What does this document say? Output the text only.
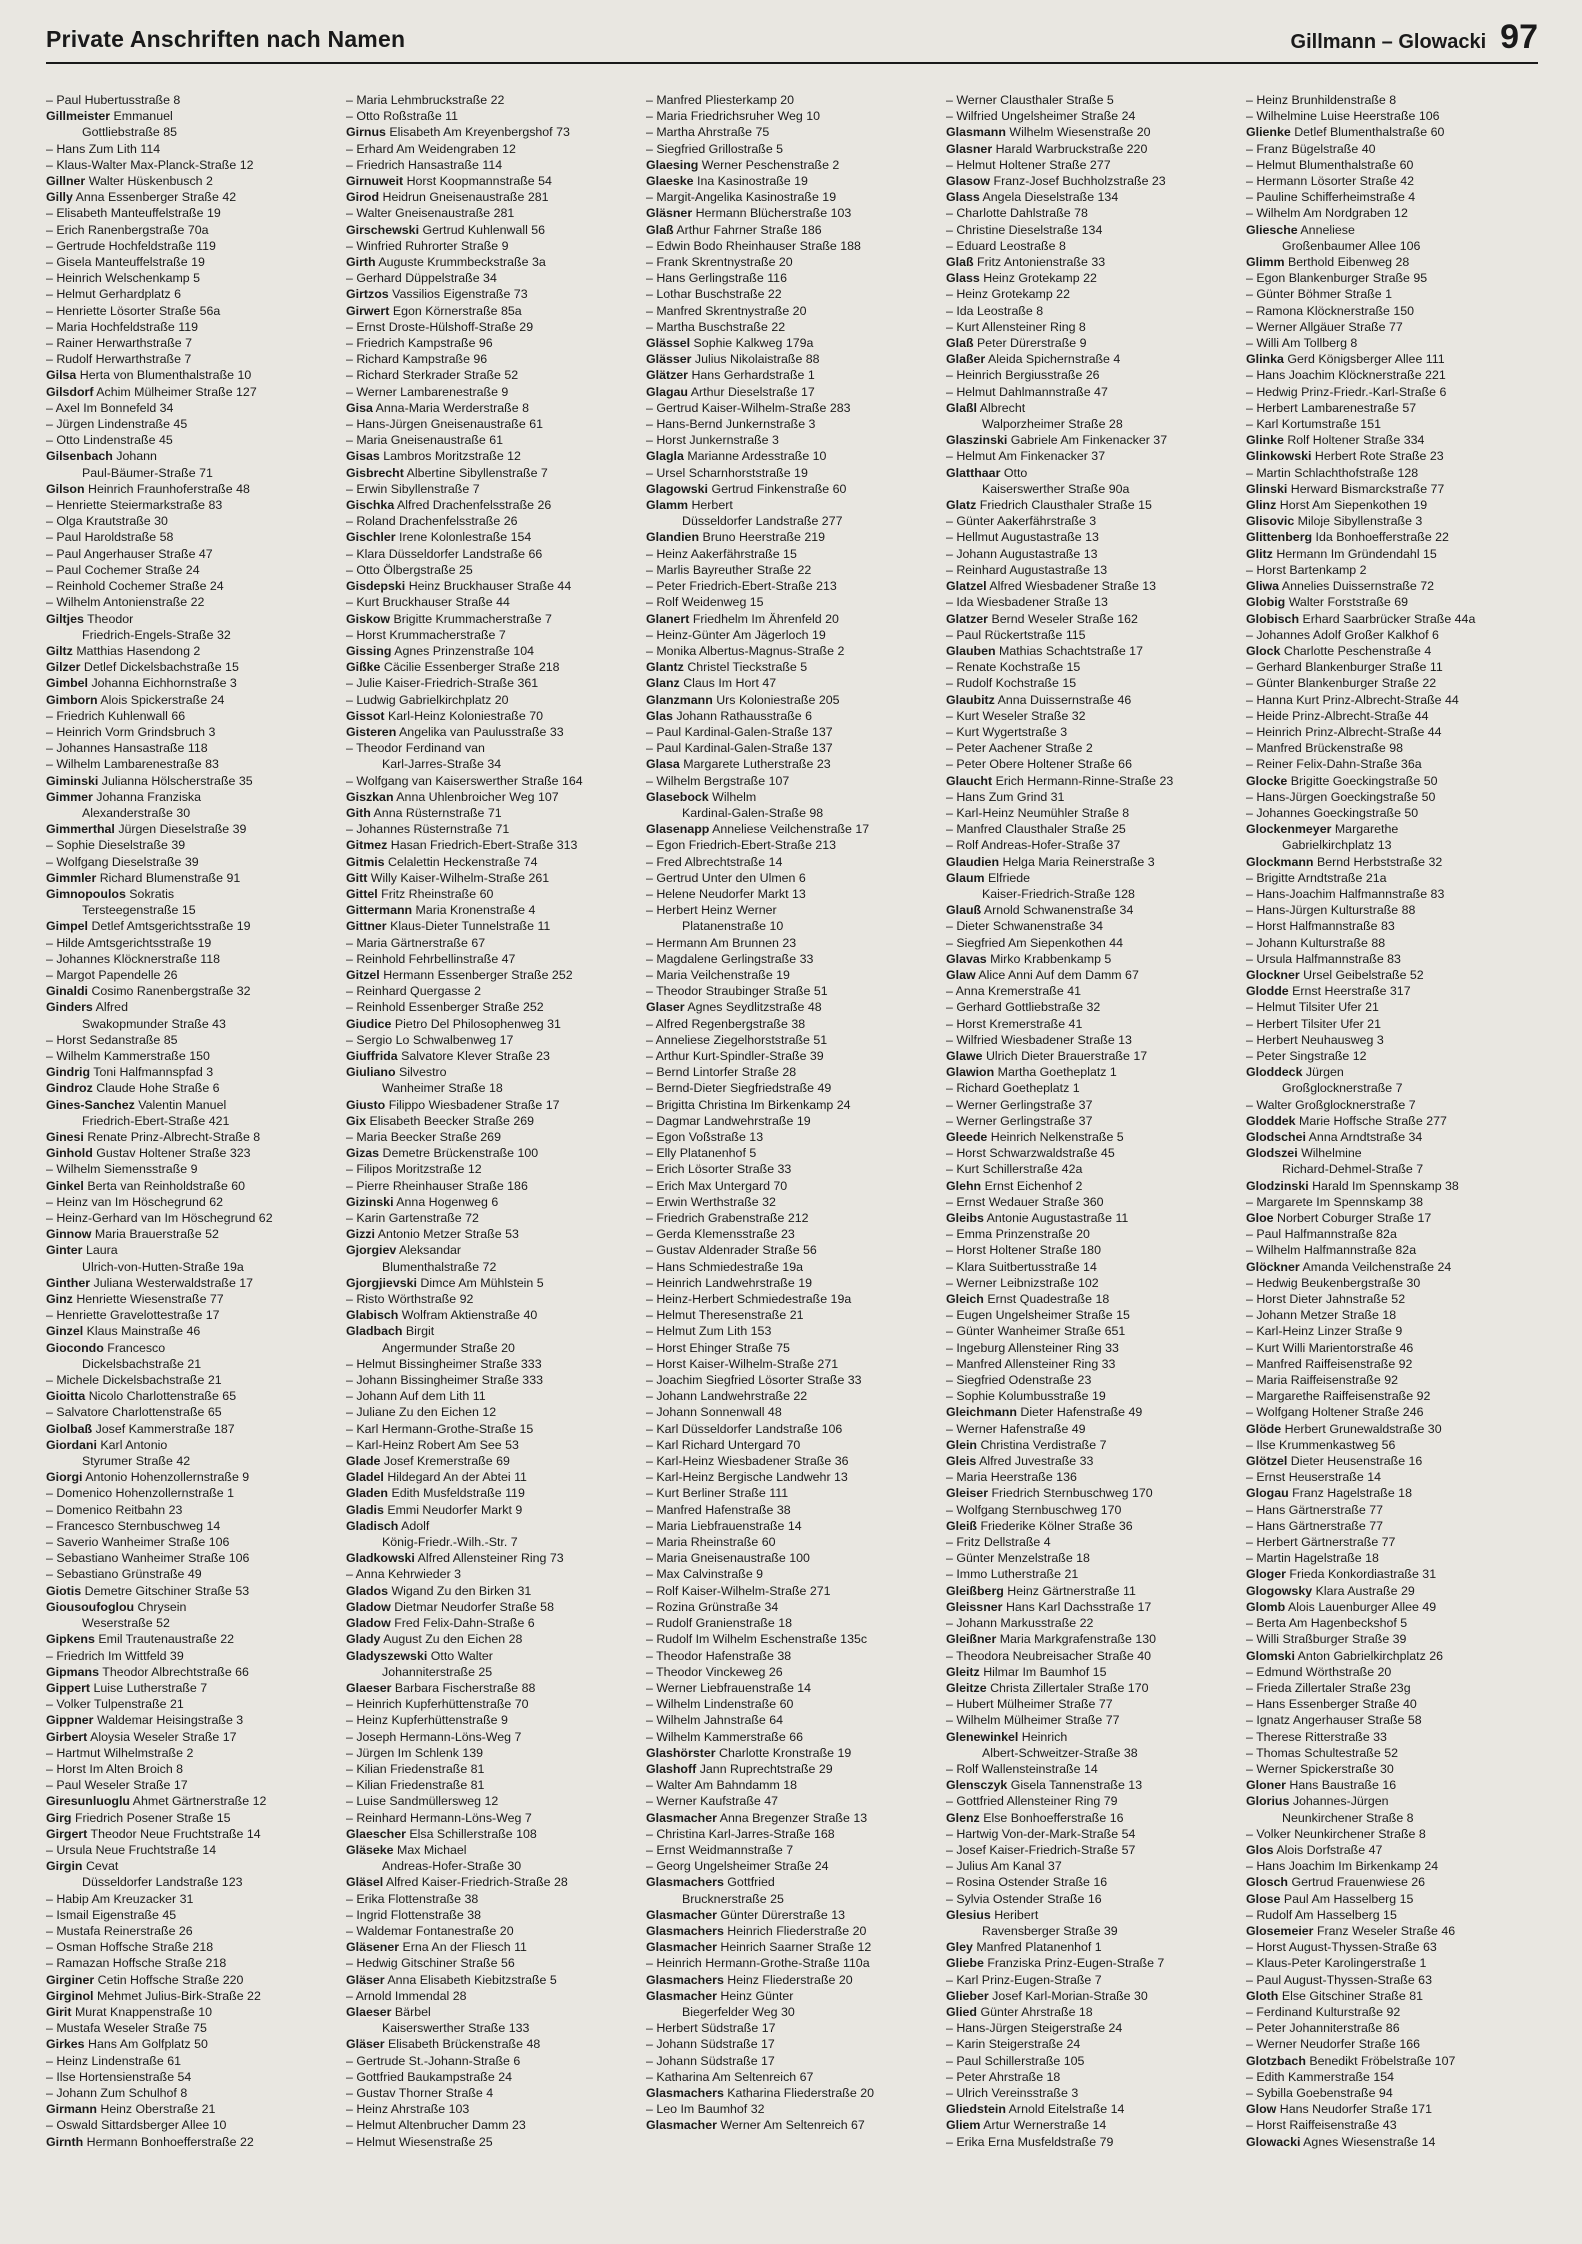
Private Anschriften nach Namen	Gillmann – Glowacki 97
– Paul Hubertusstraße 8
Gillmeister Emmanuel
Gottliebstraße 85
– Hans Zum Lith 114
– Klaus-Walter Max-Planck-Straße 12
Gillner Walter Hüskenbusch 2
Gilly Anna Essenberger Straße 42
– Elisabeth Manteuffelstraße 19
– Erich Ranenbergstraße 70a
– Gertrude Hochfeldstraße 119
– Gisela Manteuffelstraße 19
– Heinrich Welschenkamp 5
– Helmut Gerhardplatz 6
– Henriette Lösorter Straße 56a
– Maria Hochfeldstraße 119
– Rainer Herwarthstraße 7
– Rudolf Herwarthstraße 7
Gilsa Herta von Blumenthalstraße 10
Gilsdorf Achim Mülheimer Straße 127
– Axel Im Bonnefeld 34
– Jürgen Lindenstraße 45
– Otto Lindenstraße 45
Gilsenbach Johann
Paul-Bäumer-Straße 71
Gilson Heinrich Fraunhoferstraße 48
– Henriette Steiermarkstraße 83
– Olga Krautstraße 30
– Paul Haroldstraße 58
– Paul Angerhauser Straße 47
– Paul Cochemer Straße 24
– Reinhold Cochemer Straße 24
– Wilhelm Antonienstraße 22
Giltjes Theodor
Friedrich-Engels-Straße 32
Giltz Matthias Hasendong 2
Gilzer Detlef Dickelsbachstraße 15
Gimbel Johanna Eichhornstraße 3
Gimborn Alois Spickerstraße 24
– Friedrich Kuhlenwall 66
– Heinrich Vorm Grindsbruch 3
– Johannes Hansastraße 118
– Wilhelm Lambarenestraße 83
Giminski Julianna Hölscherstraße 35
Gimmer Johanna Franziska
Alexanderstraße 30
Gimmerthal Jürgen Dieselstraße 39
– Sophie Dieselstraße 39
– Wolfgang Dieselstraße 39
Gimmler Richard Blumenstraße 91
Gimnopoulos Sokratis
Tersteegenstraße 15
Gimpel Detlef Amtsgerichtsstraße 19
– Hilde Amtsgerichtsstraße 19
– Johannes Klöcknerstraße 118
– Margot Papendelle 26
Ginaldi Cosimo Ranenbergstraße 32
Ginders Alfred
Swakopmunder Straße 43
– Horst Sedanstraße 85
– Wilhelm Kammerstraße 150
Gindrig Toni Halfmannspfad 3
Gindroz Claude Hohe Straße 6
Gines-Sanchez Valentin Manuel
Friedrich-Ebert-Straße 421
Ginesi Renate Prinz-Albrecht-Straße 8
Ginhold Gustav Holtener Straße 323
– Wilhelm Siemensstraße 9
Ginkel Berta van Reinholdstraße 60
– Heinz van Im Höschegrund 62
– Heinz-Gerhard van Im Höschegrund 62
Ginnow Maria Brauerstraße 52
Ginter Laura
Ulrich-von-Hutten-Straße 19a
Ginther Juliana Westerwaldstraße 17
Ginz Henriette Wiesenstraße 77
– Henriette Gravelottestraße 17
Ginzel Klaus Mainstraße 46
Giocondo Francesco
Dickelsbachstraße 21
– Michele Dickelsbachstraße 21
Gioitta Nicolo Charlottenstraße 65
– Salvatore Charlottenstraße 65
Giolbaß Josef Kammerstraße 187
Giordani Karl Antonio
Styrumer Straße 42
Giorgi Antonio Hohenzollernstraße 9
– Domenico Hohenzollernstraße 1
– Domenico Reitbahn 23
– Francesco Sternbuschweg 14
– Saverio Wanheimer Straße 106
– Sebastiano Wanheimer Straße 106
– Sebastiano Grünstraße 49
Giotis Demetre Gitschiner Straße 53
Giousoufoglou Chrysein
Weserstraße 52
Gipkens Emil Trautenaustraße 22
– Friedrich Im Wittfeld 39
Gipmans Theodor Albrechtstraße 66
Gippert Luise Lutherstraße 7
– Volker Tulpenstraße 21
Gippner Waldemar Heisingstraße 3
Girbert Aloysia Weseler Straße 17
– Hartmut Wilhelmstraße 2
– Horst Im Alten Broich 8
– Paul Weseler Straße 17
Giresunluoglu Ahmet Gärtnerstraße 12
Girg Friedrich Posener Straße 15
Girgert Theodor Neue Fruchtstraße 14
– Ursula Neue Fruchtstraße 14
Girgin Cevat
Düsseldorfer Landstraße 123
– Habip Am Kreuzacker 31
– Ismail Eigenstraße 45
– Mustafa Reinerstraße 26
– Osman Hoffsche Straße 218
– Ramazan Hoffsche Straße 218
Girginer Cetin Hoffsche Straße 220
Girginol Mehmet Julius-Birk-Straße 22
Girit Murat Knappenstraße 10
– Mustafa Weseler Straße 75
Girkes Hans Am Golfplatz 50
– Heinz Lindenstraße 61
– Ilse Hortensienstraße 54
– Johann Zum Schulhof 8
Girmann Heinz Oberstraße 21
– Oswald Sittardsberger Allee 10
Girnth Hermann Bonhoefferstraße 22
– Maria Lehmbruckstraße 22
– Otto Roßstraße 11
Girnus Elisabeth Am Kreyenbergshof 73
– Erhard Am Weidengraben 12
– Friedrich Hansastraße 114
Girnuweit Horst Koopmannstraße 54
Girod Heidrun Gneisenaustraße 281
– Walter Gneisenaustraße 281
Girschewski Gertrud Kuhlenwall 56
– Winfried Ruhrorter Straße 9
Girth Auguste Krummbeckstraße 3a
– Gerhard Düppelstraße 34
Girtzos Vassilios Eigenstraße 73
Girwert Egon Körnerstraße 85a
– Ernst Droste-Hülshoff-Straße 29
– Friedrich Kampstraße 96
– Richard Kampstraße 96
– Richard Sterkrader Straße 52
– Werner Lambarenestraße 9
Gisa Anna-Maria Werderstraße 8
– Hans-Jürgen Gneisenaustraße 61
– Maria Gneisenaustraße 61
Gisas Lambros Moritzstraße 12
Gisbrecht Albertine Sibyllenstraße 7
– Erwin Sibyllenstraße 7
Gischka Alfred Drachenfelsstraße 26
– Roland Drachenfelsstraße 26
Gischler Irene Kolonlestraße 154
– Klara Düsseldorfer Landstraße 66
– Otto Ölbergstraße 25
Gisdepski Heinz Bruckhauser Straße 44
– Kurt Bruckhauser Straße 44
Giskow Brigitte Krummacherstraße 7
– Horst Krummacherstraße 7
Gissing Agnes Prinzenstraße 104
Gißke Cäcilie Essenberger Straße 218
– Julie Kaiser-Friedrich-Straße 361
– Ludwig Gabrielkirchplatz 20
Gissot Karl-Heinz Koloniestraße 70
Gisteren Angelika van Paulusstraße 33
– Theodor Ferdinand van
Karl-Jarres-Straße 34
– Wolfgang van Kaiserswerther Straße 164
Giszkan Anna Uhlenbroicher Weg 107
Gith Anna Rüsternstraße 71
– Johannes Rüsternstraße 71
Gitmez Hasan Friedrich-Ebert-Straße 313
Gitmis Celalettin Heckenstraße 74
Gitt Willy Kaiser-Wilhelm-Straße 261
Gittel Fritz Rheinstraße 60
Gittermann Maria Kronenstraße 4
Gittner Klaus-Dieter Tunnelstraße 11
– Maria Gärtnerstraße 67
– Reinhold Fehrbellinstraße 47
Gitzel Hermann Essenberger Straße 252
– Reinhard Quergasse 2
– Reinhold Essenberger Straße 252
Giudice Pietro Del Philosophenweg 31
– Sergio Lo Schwalbenweg 17
Giuffrida Salvatore Klever Straße 23
Giuliano Silvestro
Wanheimer Straße 18
Giusto Filippo Wiesbadener Straße 17
Gix Elisabeth Beecker Straße 269
– Maria Beecker Straße 269
Gizas Demetre Brückenstraße 100
– Filipos Moritzstraße 12
– Pierre Rheinhauser Straße 186
Gizinski Anna Hogenweg 6
– Karin Gartenstraße 72
Gizzi Antonio Metzer Straße 53
Gjorgiev Aleksandar
Blumenthalstraße 72
Gjorgjievski Dimce Am Mühlstein 5
– Risto Wörthstraße 92
Glabisch Wolfram Aktienstraße 40
Gladbach Birgit
Angermunder Straße 20
– Helmut Bissingheimer Straße 333
– Johann Bissingheimer Straße 333
– Johann Auf dem Lith 11
– Juliane Zu den Eichen 12
– Karl Hermann-Grothe-Straße 15
– Karl-Heinz Robert Am See 53
Glade Josef Kremerstraße 69
Gladel Hildegard An der Abtei 11
Gladen Edith Musfeldstraße 119
Gladis Emmi Neudorfer Markt 9
Gladisch Adolf
König-Friedr.-Wilh.-Str. 7
Gladkowski Alfred Allensteiner Ring 73
– Anna Kehrwieder 3
Glados Wigand Zu den Birken 31
Gladow Dietmar Neudorfer Straße 58
Gladow Fred Felix-Dahn-Straße 6
Glady August Zu den Eichen 28
Gladyszewski Otto Walter
Johanniterstraße 25
Glaeser Barbara Fischerstraße 88
– Heinrich Kupferhüttenstraße 70
– Heinz Kupferhüttenstraße 9
– Joseph Hermann-Löns-Weg 7
– Jürgen Im Schlenk 139
– Kilian Friedenstraße 81
– Kilian Friedenstraße 81
– Luise Sandmüllersweg 12
– Reinhard Hermann-Löns-Weg 7
Glaescher Elsa Schillerstraße 108
Gläseke Max Michael
Andreas-Hofer-Straße 30
Gläsel Alfred Kaiser-Friedrich-Straße 28
– Erika Flottenstraße 38
– Ingrid Flottenstraße 38
– Waldemar Fontanestraße 20
Gläsener Erna An der Fliesch 11
– Hedwig Gitschiner Straße 56
Gläser Anna Elisabeth Kiebitzstraße 5
– Arnold Immendal 28
Glaeser Bärbel
Kaiserswerther Straße 133
Gläser Elisabeth Brückenstraße 48
– Gertrude St.-Johann-Straße 6
– Gottfried Baukampstraße 24
– Gustav Thorner Straße 4
– Heinz Ahrstraße 103
– Helmut Altenbrucher Damm 23
– Helmut Wiesenstraße 25
– Manfred Pliesterkamp 20
– Maria Friedrichsruher Weg 10
– Martha Ahrstraße 75
– Siegfried Grillostraße 5
Glaesing Werner Peschenstraße 2
Glaeske Ina Kasinostraße 19
– Margit-Angelika Kasinostraße 19
Gläsner Hermann Blücherstraße 103
Glaß Arthur Fahrner Straße 186
– Edwin Bodo Rheinhauser Straße 188
– Frank Skrentnystraße 20
– Hans Gerlingstraße 116
– Lothar Buschstraße 22
– Manfred Skrentnystraße 20
– Martha Buschstraße 22
Glässel Sophie Kalkweg 179a
Glässer Julius Nikolaistraße 88
Glätzer Hans Gerhardstraße 1
Glagau Arthur Dieselstraße 17
– Gertrud Kaiser-Wilhelm-Straße 283
– Hans-Bernd Junkernstraße 3
– Horst Junkernstraße 3
Glagla Marianne Ardesstraße 10
– Ursel Scharnhorststraße 19
Glagowski Gertrud Finkenstraße 60
Glamm Herbert
Düsseldorfer Landstraße 277
Glandien Bruno Heerstraße 219
– Heinz Aakerfährstraße 15
– Marlis Bayreuther Straße 22
– Peter Friedrich-Ebert-Straße 213
– Rolf Weidenweg 15
Glanert Friedhelm Im Ährenfeld 20
– Heinz-Günter Am Jägerloch 19
– Monika Albertus-Magnus-Straße 2
Glantz Christel Tieckstraße 5
Glanz Claus Im Hort 47
Glanzmann Urs Koloniestraße 205
Glas Johann Rathausstraße 6
– Paul Kardinal-Galen-Straße 137
– Paul Kardinal-Galen-Straße 137
Glasa Margarete Lutherstraße 23
– Wilhelm Bergstraße 107
Glasebock Wilhelm
Kardinal-Galen-Straße 98
Glasenapp Anneliese Veilchenstraße 17
– Egon Friedrich-Ebert-Straße 213
– Fred Albrechtstraße 14
– Gertrud Unter den Ulmen 6
– Helene Neudorfer Markt 13
– Herbert Heinz Werner
Platanenstraße 10
– Hermann Am Brunnen 23
– Magdalene Gerlingstraße 33
– Maria Veilchenstraße 19
– Theodor Straubinger Straße 51
Glaser Agnes Seydlitzstraße 48
– Alfred Regenbergstraße 38
– Anneliese Ziegelhorststraße 51
– Arthur Kurt-Spindler-Straße 39
– Bernd Lintorfer Straße 28
– Bernd-Dieter Siegfriedstraße 49
– Brigitta Christina Im Birkenkamp 24
– Dagmar Landwehrstraße 19
– Egon Voßstraße 13
– Elly Platanenhof 5
– Erich Lösorter Straße 33
– Erich Max Untergard 70
– Erwin Werthstraße 32
– Friedrich Grabenstraße 212
– Gerda Klemensstraße 23
– Gustav Aldenrader Straße 56
– Hans Schmiedestraße 19a
– Heinrich Landwehrstraße 19
– Heinz-Herbert Schmiedestraße 19a
– Helmut Theresenstraße 21
– Helmut Zum Lith 153
– Horst Ehinger Straße 75
– Horst Kaiser-Wilhelm-Straße 271
– Joachim Siegfried Lösorter Straße 33
– Johann Landwehrstraße 22
– Johann Sonnenwall 48
– Karl Düsseldorfer Landstraße 106
– Karl Richard Untergard 70
– Karl-Heinz Wiesbadener Straße 36
– Karl-Heinz Bergische Landwehr 13
– Kurt Berliner Straße 111
– Manfred Hafenstraße 38
– Maria Liebfrauenstraße 14
– Maria Rheinstraße 60
– Maria Gneisenaustraße 100
– Max Calvinstraße 9
– Rolf Kaiser-Wilhelm-Straße 271
– Rozina Grünstraße 34
– Rudolf Granienstraße 18
– Rudolf Im Wilhelm Eschenstraße 135c
– Theodor Hafenstraße 38
– Theodor Vinckeweg 26
– Werner Liebfrauenstraße 14
– Wilhelm Lindenstraße 60
– Wilhelm Jahnstraße 64
– Wilhelm Kammerstraße 66
Glashörster Charlotte Kronstraße 19
Glashoff Jann Ruprechtstraße 29
– Walter Am Bahndamm 18
– Werner Kaufstraße 47
Glasmacher Anna Bregenzer Straße 13
– Christina Karl-Jarres-Straße 168
– Ernst Weidmannstraße 7
– Georg Ungelsheimer Straße 24
Glasmachers Gottfried
Brucknerstraße 25
Glasmacher Günter Dürerstraße 13
Glasmachers Heinrich Fliederstraße 20
Glasmacher Heinrich Saarner Straße 12
– Heinrich Hermann-Grothe-Straße 110a
Glasmachers Heinz Fliederstraße 20
Glasmacher Heinz Günter
Biegerfelder Weg 30
– Herbert Südstraße 17
– Johann Südstraße 17
– Johann Südstraße 17
– Katharina Am Seltenreich 67
Glasmachers Katharina Fliederstraße 20
– Leo Im Baumhof 32
Glasmacher Werner Am Seltenreich 67
– Werner Clausthaler Straße 5
– Wilfried Ungelsheimer Straße 24
Glasmann Wilhelm Wiesenstraße 20
Glasner Harald Warbruckstraße 220
– Helmut Holtener Straße 277
Glasow Franz-Josef Buchholzstraße 23
Glass Angela Dieselstraße 134
– Charlotte Dahlstraße 78
– Christine Dieselstraße 134
– Eduard Leostraße 8
Glaß Fritz Antonienstraße 33
Glass Heinz Grotekamp 22
– Heinz Grotekamp 22
– Ida Leostraße 8
– Kurt Allensteiner Ring 8
Glaß Peter Dürerstraße 9
Glaßer Aleida Spichernstraße 4
– Heinrich Bergiusstraße 26
– Helmut Dahlmannstraße 47
Glaßl Albrecht
Walporzheimer Straße 28
Glaszinski Gabriele Am Finkenacker 37
– Helmut Am Finkenacker 37
Glatthaar Otto
Kaiserswerther Straße 90a
Glatz Friedrich Clausthaler Straße 15
– Günter Aakerfährstraße 3
– Hellmut Augustastraße 13
– Johann Augustastraße 13
– Reinhard Augustastraße 13
Glatzel Alfred Wiesbadener Straße 13
– Ida Wiesbadener Straße 13
Glatzer Bernd Weseler Straße 162
– Paul Rückertstraße 115
Glauben Mathias Schachtstraße 17
– Renate Kochstraße 15
– Rudolf Kochstraße 15
Glaubitz Anna Duissernstraße 46
– Kurt Weseler Straße 32
– Kurt Wygertstraße 3
– Peter Aachener Straße 2
– Peter Obere Holtener Straße 66
Glaucht Erich Hermann-Rinne-Straße 23
– Hans Zum Grind 31
– Karl-Heinz Neumühler Straße 8
– Manfred Clausthaler Straße 25
– Rolf Andreas-Hofer-Straße 37
Glaudien Helga Maria Reinerstraße 3
Glaum Elfriede
Kaiser-Friedrich-Straße 128
Glauß Arnold Schwanenstraße 34
– Dieter Schwanenstraße 34
– Siegfried Am Siepenkothen 44
Glavas Mirko Krabbenkamp 5
Glaw Alice Anni Auf dem Damm 67
– Anna Kremerstraße 41
– Gerhard Gottliebstraße 32
– Horst Kremerstraße 41
– Wilfried Wiesbadener Straße 13
Glawe Ulrich Dieter Brauerstraße 17
Glawion Martha Goetheplatz 1
– Richard Goetheplatz 1
– Werner Gerlingstraße 37
– Werner Gerlingstraße 37
Gleede Heinrich Nelkenstraße 5
– Horst Schwarzwaldstraße 45
– Kurt Schillerstraße 42a
Glehn Ernst Eichenhof 2
– Ernst Wedauer Straße 360
Gleibs Antonie Augustastraße 11
– Emma Prinzenstraße 20
– Horst Holtener Straße 180
– Klara Suitbertusstraße 14
– Werner Leibnizstraße 102
Gleich Ernst Quadestraße 18
– Eugen Ungelsheimer Straße 15
– Günter Wanheimer Straße 651
– Ingeburg Allensteiner Ring 33
– Manfred Allensteiner Ring 33
– Siegfried Odenstraße 23
– Sophie Kolumbusstraße 19
Gleichmann Dieter Hafenstraße 49
– Werner Hafenstraße 49
Glein Christina Verdistraße 7
Gleis Alfred Juvestraße 33
– Maria Heerstraße 136
Gleiser Friedrich Sternbuschweg 170
– Wolfgang Sternbuschweg 170
Gleiß Friederike Kölner Straße 36
– Fritz Dellstraße 4
– Günter Menzelstraße 18
– Immo Lutherstraße 21
Gleißberg Heinz Gärtnerstraße 11
Gleissner Hans Karl Dachsstraße 17
– Johann Markusstraße 22
Gleißner Maria Markgrafenstraße 130
– Theodora Neubreisacher Straße 40
Gleitz Hilmar Im Baumhof 15
Gleitze Christa Zillertaler Straße 170
– Hubert Mülheimer Straße 77
– Wilhelm Mülheimer Straße 77
Glenewinkel Heinrich
Albert-Schweitzer-Straße 38
– Rolf Wallensteinstraße 14
Glensczyk Gisela Tannenstraße 13
– Gottfried Allensteiner Ring 79
Glenz Else Bonhoefferstraße 16
– Hartwig Von-der-Mark-Straße 54
– Josef Kaiser-Friedrich-Straße 57
– Julius Am Kanal 37
– Rosina Ostender Straße 16
– Sylvia Ostender Straße 16
Glesius Heribert
Ravensberger Straße 39
Gley Manfred Platanenhof 1
Gliebe Franziska Prinz-Eugen-Straße 7
– Karl Prinz-Eugen-Straße 7
Glieber Josef Karl-Morian-Straße 30
Glied Günter Ahrstraße 18
– Hans-Jürgen Steigerstraße 24
– Karin Steigerstraße 24
– Paul Schillerstraße 105
– Peter Ahrstraße 18
– Ulrich Vereinsstraße 3
Gliedstein Arnold Eitelstraße 14
Gliem Artur Wernerstraße 14
– Erika Erna Musfeldstraße 79
– Heinz Brunhildenstraße 8
– Wilhelmine Luise Heerstraße 106
Glienke Detlef Blumenthalstraße 60
– Franz Bügelstraße 40
– Helmut Blumenthalstraße 60
– Hermann Lösorter Straße 42
– Pauline Schifferheimstraße 4
– Wilhelm Am Nordgraben 12
Gliesche Anneliese
Großenbaumer Allee 106
Glimm Berthold Eibenweg 28
– Egon Blankenburger Straße 95
– Günter Böhmer Straße 1
– Ramona Klöcknerstraße 150
– Werner Allgäuer Straße 77
– Willi Am Tollberg 8
Glinka Gerd Königsberger Allee 111
– Hans Joachim Klöcknerstraße 221
– Hedwig Prinz-Friedr.-Karl-Straße 6
– Herbert Lambarenestraße 57
– Karl Kortumstraße 151
Glinke Rolf Holtener Straße 334
Glinkowski Herbert Rote Straße 23
– Martin Schlachthofstraße 128
Glinski Herward Bismarckstraße 77
Glinz Horst Am Siepenkothen 19
Glisovic Miloje Sibyllenstraße 3
Glittenberg Ida Bonhoefferstraße 22
Glitz Hermann Im Gründendahl 15
– Horst Bartenkamp 2
Gliwa Annelies Duissernstraße 72
Globig Walter Forststraße 69
Globisch Erhard Saarbrücker Straße 44a
– Johannes Adolf Großer Kalkhof 6
Glock Charlotte Peschenstraße 4
– Gerhard Blankenburger Straße 11
– Günter Blankenburger Straße 22
– Hanna Kurt Prinz-Albrecht-Straße 44
– Heide Prinz-Albrecht-Straße 44
– Heinrich Prinz-Albrecht-Straße 44
– Manfred Brückenstraße 98
– Reiner Felix-Dahn-Straße 36a
Glocke Brigitte Goeckingstraße 50
– Hans-Jürgen Goeckingstraße 50
– Johannes Goeckingstraße 50
Glockenmeyer Margarethe
Gabrielkirchplatz 13
Glockmann Bernd Herbststraße 32
– Brigitte Arndtstraße 21a
– Hans-Joachim Halfmannstraße 83
– Hans-Jürgen Kulturstraße 88
– Horst Halfmannstraße 83
– Johann Kulturstraße 88
– Ursula Halfmannstraße 83
Glockner Ursel Geibelstraße 52
Glodde Ernst Heerstraße 317
– Helmut Tilsiter Ufer 21
– Herbert Tilsiter Ufer 21
– Herbert Neuhausweg 3
– Peter Singstraße 12
Gloddeck Jürgen
Großglocknerstraße 7
– Walter Großglocknerstraße 7
Gloddek Marie Hoffsche Straße 277
Glodschei Anna Arndtstraße 34
Glodszei Wilhelmine
Richard-Dehmel-Straße 7
Glodzinski Harald Im Spennskamp 38
– Margarete Im Spennskamp 38
Gloe Norbert Coburger Straße 17
– Paul Halfmannstraße 82a
– Wilhelm Halfmannstraße 82a
Glöckner Amanda Veilchenstraße 24
– Hedwig Beukenbergstraße 30
– Horst Dieter Jahnstraße 52
– Johann Metzer Straße 18
– Karl-Heinz Linzer Straße 9
– Kurt Willi Marientorstraße 46
– Manfred Raiffeisenstraße 92
– Maria Raiffeisenstraße 92
– Margarethe Raiffeisenstraße 92
– Wolfgang Holtener Straße 246
Glöde Herbert Grunewaldstraße 30
– Ilse Krummenkastweg 56
Glötzel Dieter Heusenstraße 16
– Ernst Heuserstraße 14
Glogau Franz Hagelstraße 18
– Hans Gärtnerstraße 77
– Hans Gärtnerstraße 77
– Herbert Gärtnerstraße 77
– Martin Hagelstraße 18
Gloger Frieda Konkordiastraße 31
Glogowsky Klara Austraße 29
Glomb Alois Lauenburger Allee 49
– Berta Am Hagenbeckshof 5
– Willi Straßburger Straße 39
Glomski Anton Gabrielkirchplatz 26
– Edmund Wörthstraße 20
– Frieda Zillertaler Straße 23g
– Hans Essenberger Straße 40
– Ignatz Angerhauser Straße 58
– Therese Ritterstraße 33
– Thomas Schultestraße 52
– Werner Spickerstraße 30
Gloner Hans Baustraße 16
Glorius Johannes-Jürgen
Neunkirchener Straße 8
– Volker Neunkirchener Straße 8
Glos Alois Dorfstraße 47
– Hans Joachim Im Birkenkamp 24
Glosch Gertrud Frauenwiese 26
Glose Paul Am Hasselberg 15
– Rudolf Am Hasselberg 15
Glosemeier Franz Weseler Straße 46
– Horst August-Thyssen-Straße 63
– Klaus-Peter Karolingerstraße 1
– Paul August-Thyssen-Straße 63
Gloth Else Gitschiner Straße 81
– Ferdinand Kulturstraße 92
– Peter Johanniterstraße 86
– Werner Neudorfer Straße 166
Glotzbach Benedikt Fröbelstraße 107
– Edith Kammerstraße 154
– Sybilla Goebenstraße 94
Glow Hans Neudorfer Straße 171
– Horst Raiffeisenstraße 43
Glowacki Agnes Wiesenstraße 14
